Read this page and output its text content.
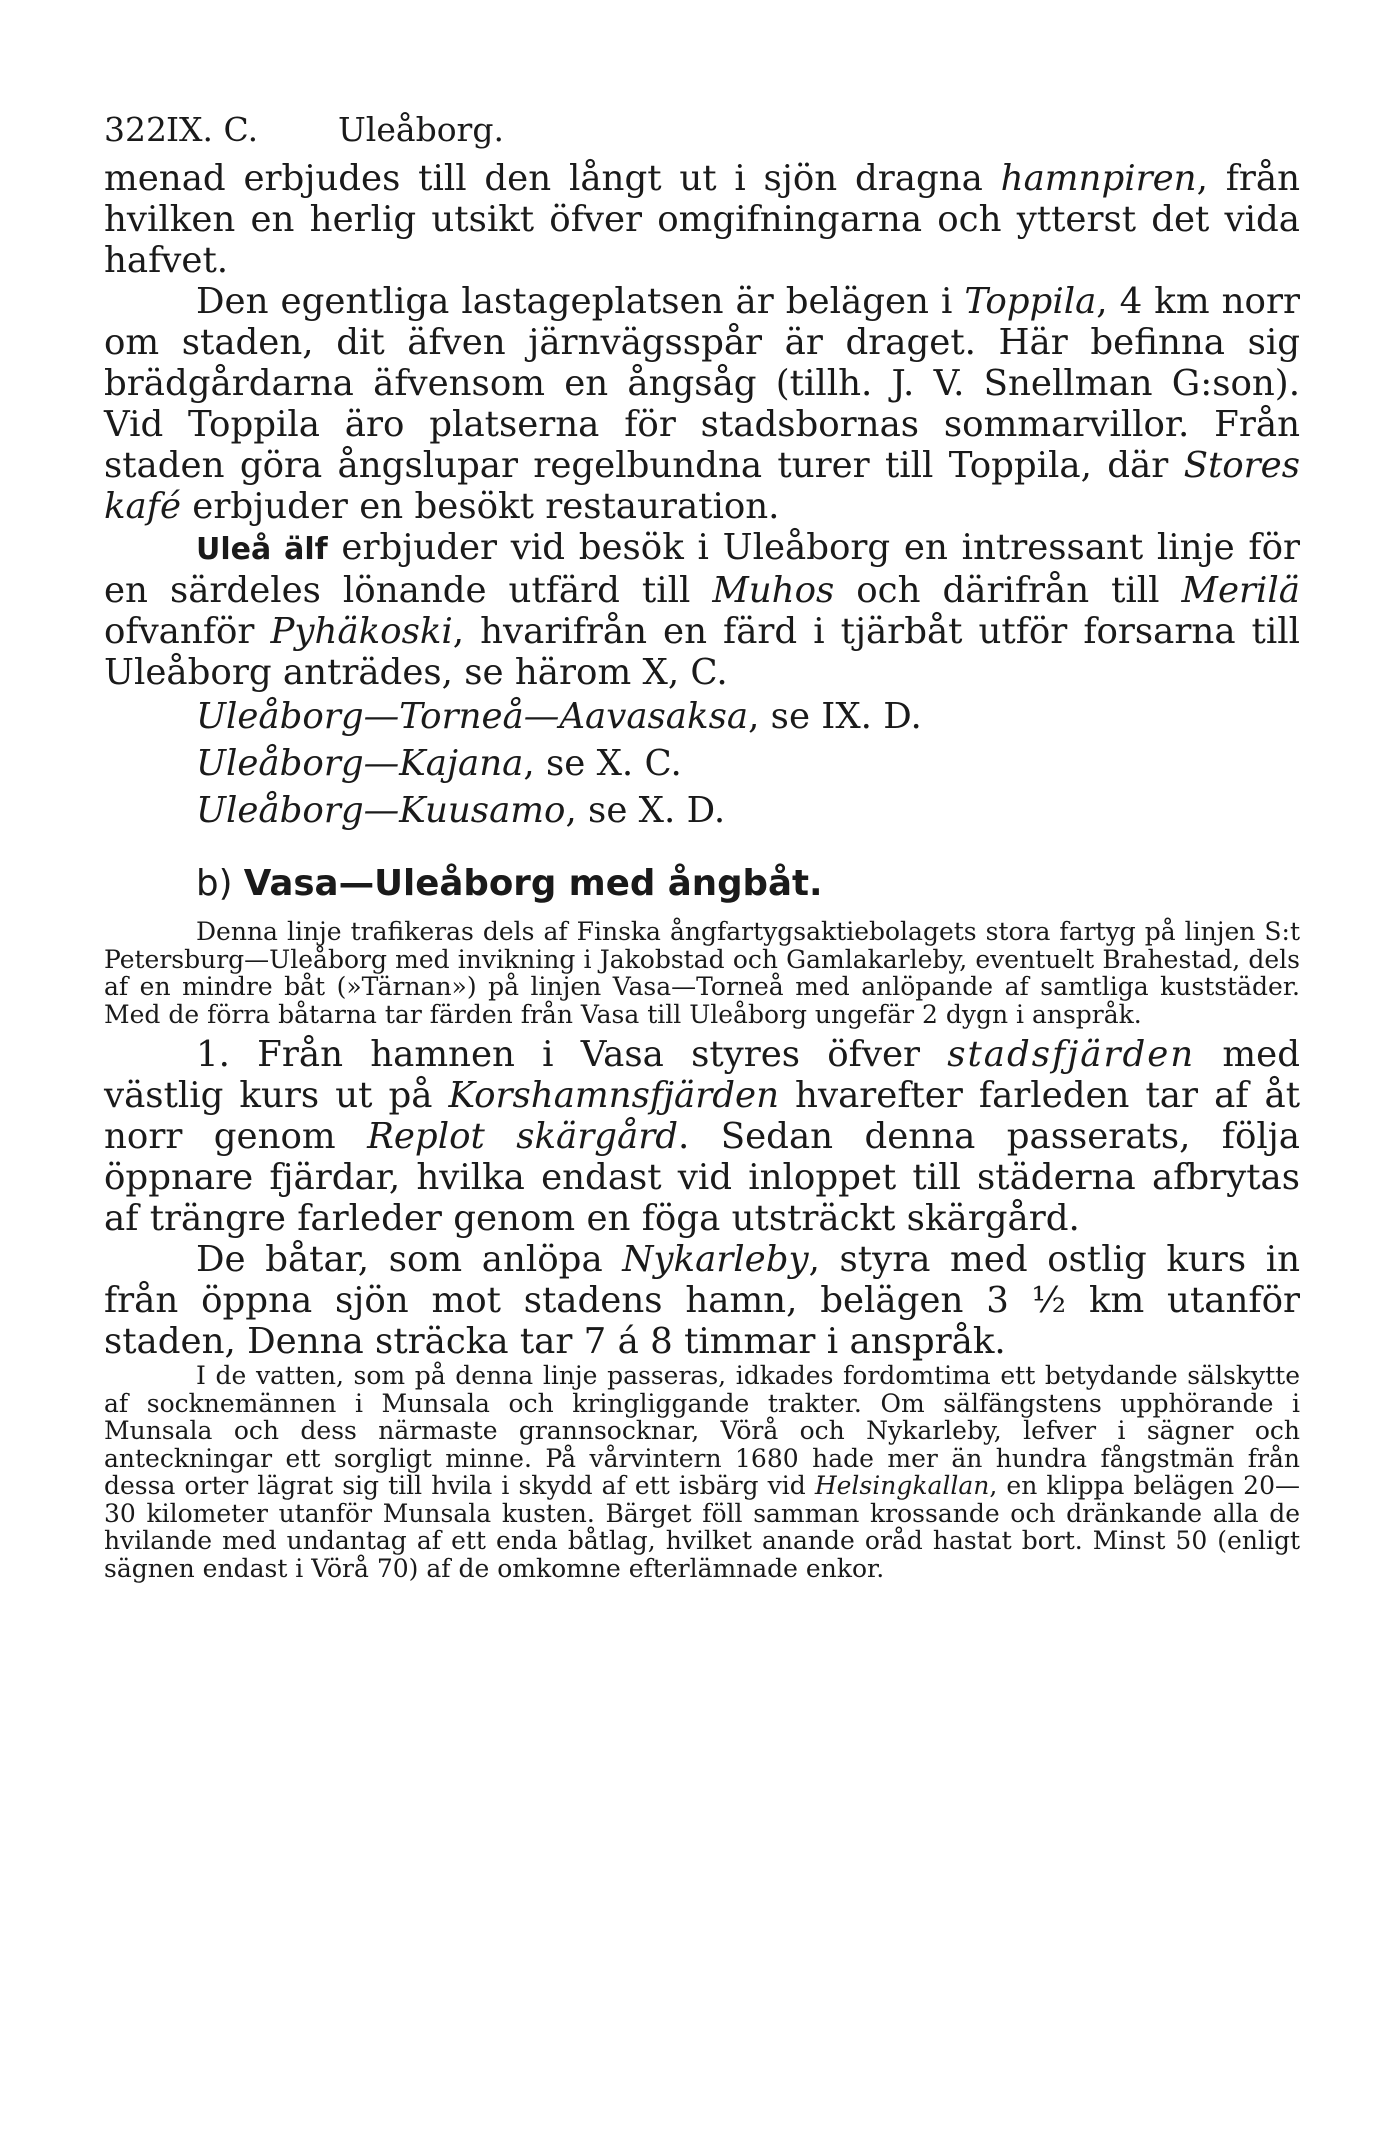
322 IX. C.	Uleåborg.

menad erbjudes till den långt ut i sjön dragna hamnpiren, från hvilken en herlig utsikt öfver omgifningarna och ytterst det vida hafvet.

Den egentliga lastageplatsen är belägen i Toppila, 4 km norr om staden, dit äfven järnvägsspår är draget. Här befinna sig brädgårdarna äfvensom en ångsåg (tillh. J. V. Snellman G:son). Vid Toppila äro platserna för stadsbornas sommarvillor. Från staden göra ångslupar regelbundna turer till Toppila, där Stores kafé erbjuder en besökt restauration.

Uleå älf erbjuder vid besök i Uleåborg en intressant linje för en särdeles lönande utfärd till Muhos och därifrån till Merilä ofvanför Pyhäkoski, hvarifrån en färd i tjärbåt utför forsarna till Uleåborg anträdes, se härom X, C.

Uleåborg—Torneå—Aavasaksa, se IX. D.
Uleåborg—Kajana, se X. C.
Uleåborg—Kuusamo, se X. D.
b) Vasa—Uleåborg med ångbåt.

Denna linje trafikeras dels af Finska ångfartygsaktiebolagets stora fartyg på linjen S:t Petersburg—Uleåborg med invikning i Jakobstad och Gamlakarleby, eventuelt Brahestad, dels af en mindre båt (»Tärnan») på linjen Vasa—Torneå med anlöpande af samtliga kuststäder. Med de förra båtarna tar färden från Vasa till Uleåborg ungefär 2 dygn i anspråk.

1. Från hamnen i Vasa styres öfver stadsfjärden med västlig kurs ut på Korshamnsfjärden hvarefter farleden tar af åt norr genom Replot skärgård. Sedan denna passerats, följa öppnare fjärdar, hvilka endast vid inloppet till städerna afbrytas af trängre farleder genom en föga utsträckt skärgård.

De båtar, som anlöpa Nykarleby, styra med ostlig kurs in från öppna sjön mot stadens hamn, belägen 3 ½ km utanför staden, Denna sträcka tar 7 á 8 timmar i anspråk.

I de vatten, som på denna linje passeras, idkades fordomtima ett betydande sälskytte af socknemännen i Munsala och kringliggande trakter. Om sälfängstens upphörande i Munsala och dess närmaste grannsocknar, Vörå och Nykarleby, lefver i sägner och anteckningar ett sorgligt minne. På vårvintern 1680 hade mer än hundra fångstmän från dessa orter lägrat sig till hvila i skydd af ett isbärg vid Helsingkallan, en klippa belägen 20—30 kilometer utanför Munsala kusten. Bärget föll samman krossande och dränkande alla de hvilande med undantag af ett enda båtlag, hvilket anande oråd hastat bort. Minst 50 (enligt sägnen endast i Vörå 70) af de omkomne efterlämnade enkor.
